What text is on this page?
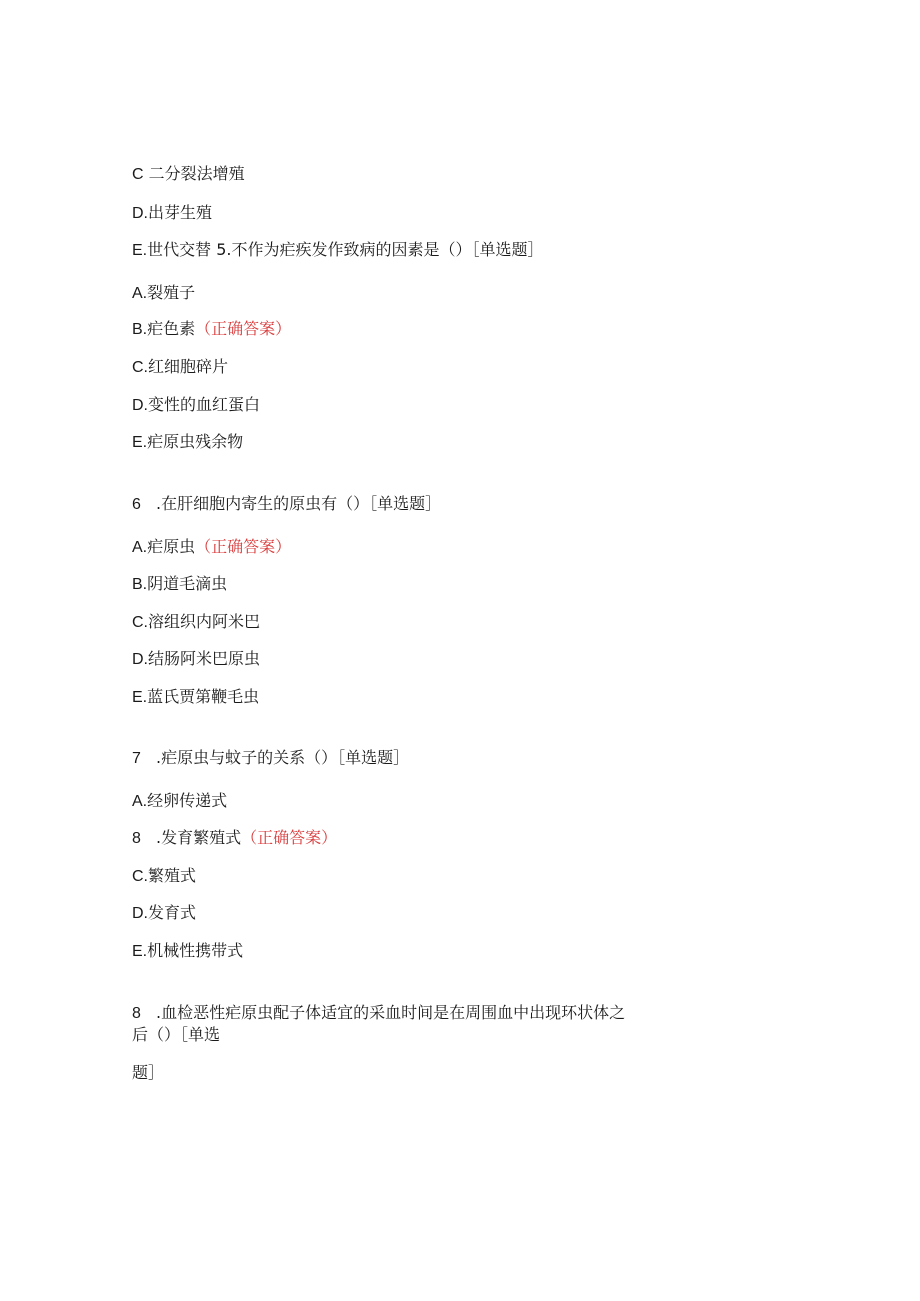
C 二分裂法增殖
D.出芽生殖
E.世代交替 5.不作为疟疾发作致病的因素是（）［单选题］
A.裂殖子
B.疟色素（正确答案）
C.红细胞碎片
D.变性的血红蛋白
E.疟原虫残余物
6 .在肝细胞内寄生的原虫有（）［单选题］
A.疟原虫（正确答案）
B.阴道毛滴虫
C.溶组织内阿米巴
D.结肠阿米巴原虫
E.蓝氏贾第鞭毛虫
7 .疟原虫与蚊子的关系（）［单选题］
A.经卵传递式
8 .发育繁殖式（正确答案）
C.繁殖式
D.发育式
E.机械性携带式
8 .血检恶性疟原虫配子体适宜的采血时间是在周围血中出现环状体之
后（）［单选
题］
